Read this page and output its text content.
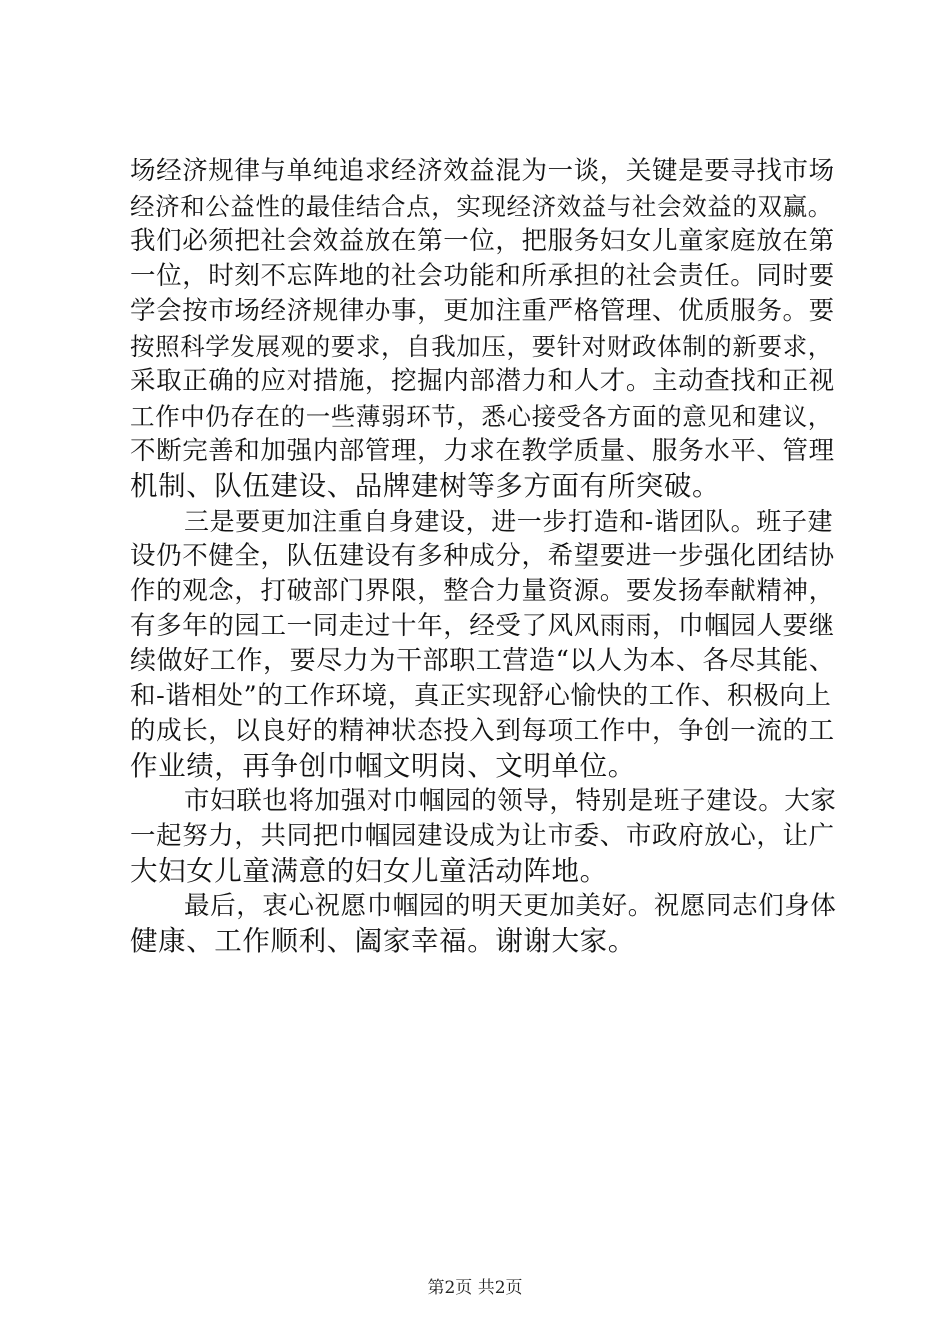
场经济规律与单纯追求经济效益混为一谈，关键是要寻找市场
经济和公益性的最佳结合点，实现经济效益与社会效益的双赢。
我们必须把社会效益放在第一位，把服务妇女儿童家庭放在第
一位，时刻不忘阵地的社会功能和所承担的社会责任。同时要
学会按市场经济规律办事，更加注重严格管理、优质服务。要
按照科学发展观的要求，自我加压，要针对财政体制的新要求，
采取正确的应对措施，挖掘内部潜力和人才。主动查找和正视
工作中仍存在的一些薄弱环节，悉心接受各方面的意见和建议，
不断完善和加强内部管理，力求在教学质量、服务水平、管理
机制、队伍建设、品牌建树等多方面有所突破。
三是要更加注重自身建设，进一步打造和-谐团队。班子建
设仍不健全，队伍建设有多种成分，希望要进一步强化团结协
作的观念，打破部门界限，整合力量资源。要发扬奉献精神，
有多年的园工一同走过十年，经受了风风雨雨，巾帼园人要继
续做好工作，要尽力为干部职工营造“以人为本、各尽其能、
和-谐相处”的工作环境，真正实现舒心愉快的工作、积极向上
的成长，以良好的精神状态投入到每项工作中，争创一流的工
作业绩，再争创巾帼文明岗、文明单位。
市妇联也将加强对巾帼园的领导，特别是班子建设。大家
一起努力，共同把巾帼园建设成为让市委、市政府放心，让广
大妇女儿童满意的妇女儿童活动阵地。
最后，衷心祝愿巾帼园的明天更加美好。祝愿同志们身体
健康、工作顺利、阖家幸福。谢谢大家。
第2页 共2页
